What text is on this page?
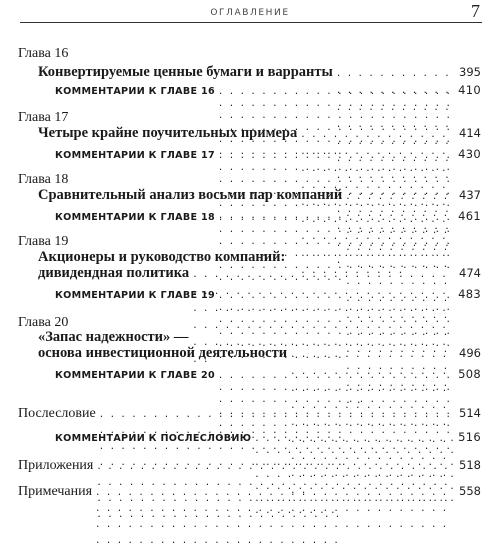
ОГЛАВЛЕНИЕ	7
Глава 16
Конвертируемые ценные бумаги и варранты . . .	395
КОММЕНТАРИИ К ГЛАВЕ 16 . . .	410
Глава 17
Четыре крайне поучительных примера . . .	414
КОММЕНТАРИИ К ГЛАВЕ 17 . . .	430
Глава 18
Сравнительный анализ восьми пар компаний . . .	437
КОММЕНТАРИИ К ГЛАВЕ 18 . . .	461
Глава 19
Акционеры и руководство компаний:
дивидендная политика . . .	474
КОММЕНТАРИИ К ГЛАВЕ 19 . . .	483
Глава 20
«Запас надежности» —
основа инвестиционной деятельности . . .	496
КОММЕНТАРИИ К ГЛАВЕ 20 . . .	508
Послесловие . . .	514
КОММЕНТАРИИ К ПОСЛЕСЛОВИЮ . . .	516
Приложения . . .	518
Примечания . . .	558
